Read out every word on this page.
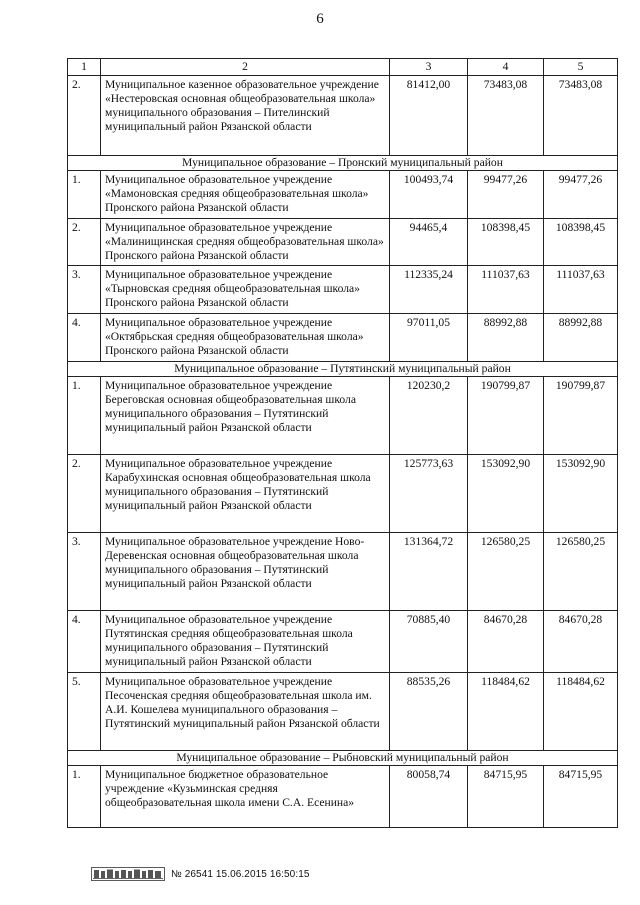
6
1	2	3	4	5
2.	Муниципальное казенное образовательное учреждение «Нестеровская основная общеобразовательная школа» муниципального образования – Пителинский муниципальный район Рязанской области	81412,00	73483,08	73483,08
Муниципальное образование – Пронский муниципальный район				
1.	Муниципальное образовательное учреждение «Мамоновская средняя общеобразовательная школа» Пронского района Рязанской области	100493,74	99477,26	99477,26
2.	Муниципальное образовательное учреждение «Малинищинская средняя общеобразовательная школа» Пронского района Рязанской области	94465,4	108398,45	108398,45
3.	Муниципальное образовательное учреждение «Тырновская средняя общеобразовательная школа» Пронского района Рязанской области	112335,24	111037,63	111037,63
4.	Муниципальное образовательное учреждение «Октябрьская средняя общеобразовательная школа» Пронского района Рязанской области	97011,05	88992,88	88992,88
Муниципальное образование – Путятинский муниципальный район				
1.	Муниципальное образовательное учреждение Береговская основная общеобразовательная школа муниципального образования – Путятинский муниципальный район Рязанской области	120230,2	190799,87	190799,87
2.	Муниципальное образовательное учреждение Карабухинская основная общеобразовательная школа муниципального образования – Путятинский муниципальный район Рязанской области	125773,63	153092,90	153092,90
3.	Муниципальное образовательное учреждение Ново-Деревенская основная общеобразовательная школа муниципального образования – Путятинский муниципальный район Рязанской области	131364,72	126580,25	126580,25
4.	Муниципальное образовательное учреждение Путятинская средняя общеобразовательная школа муниципального образования – Путятинский муниципальный район Рязанской области	70885,40	84670,28	84670,28
5.	Муниципальное образовательное учреждение Песоченская средняя общеобразовательная школа им. А.И. Кошелева муниципального образования – Путятинский муниципальный район Рязанской области	88535,26	118484,62	118484,62
Муниципальное образование – Рыбновский муниципальный район				
1.	Муниципальное бюджетное образовательное учреждение «Кузьминская средняя общеобразовательная школа имени С.А. Есенина»	80058,74	84715,95	84715,95
№ 26541 15.06.2015 16:50:15
